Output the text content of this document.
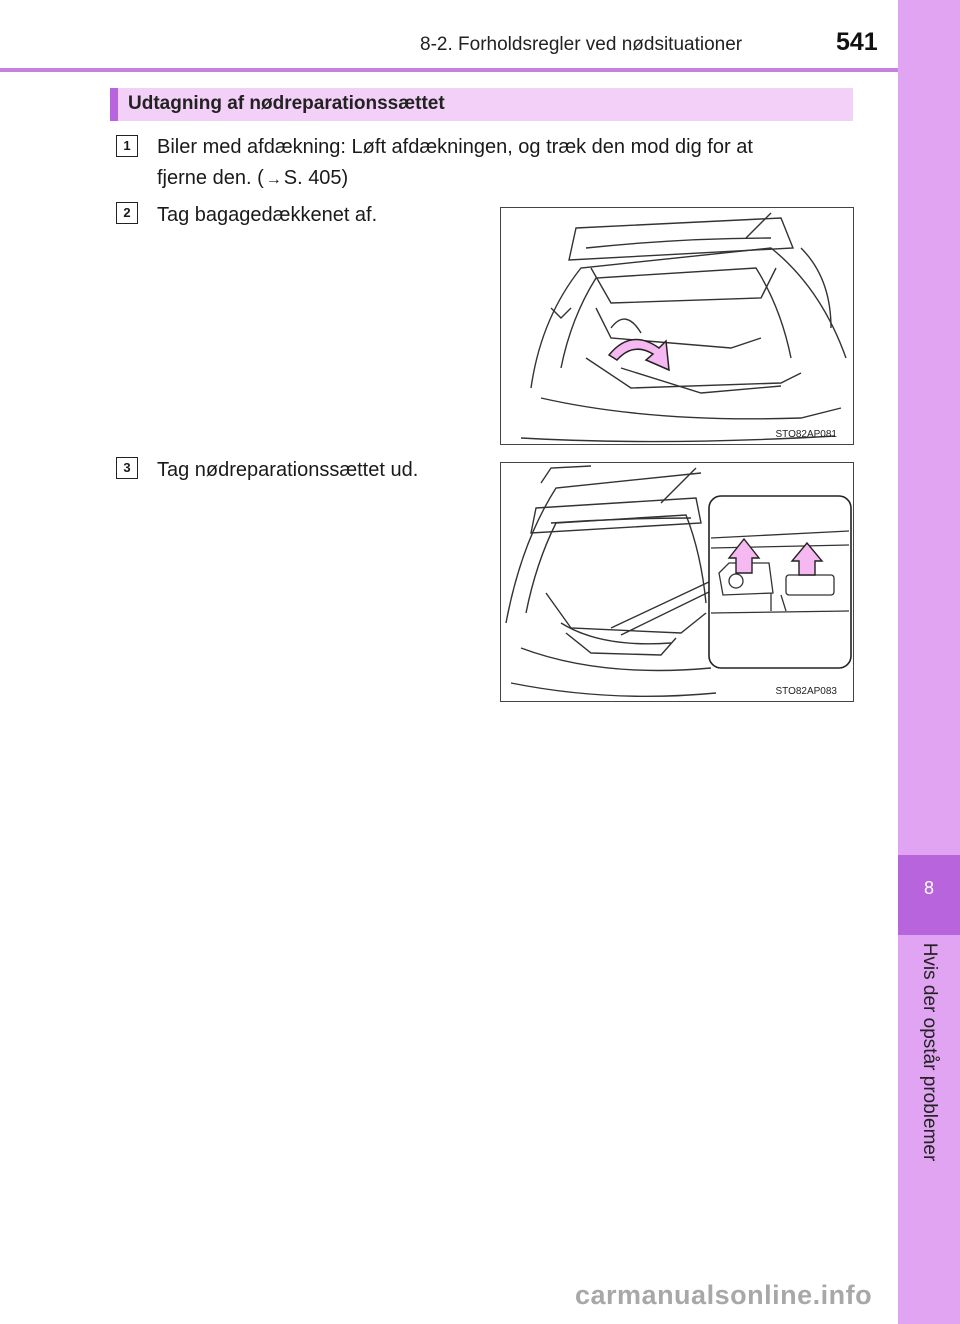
8-2. Forholdsregler ved nødsituationer	541
8
Hvis der opstår problemer
Udtagning af nødreparationssættet
1	Biler med afdækning: Løft afdækningen, og træk den mod dig for at
fjerne den. ( → S. 405)
2	Tag bagagedækkenet af.
STO82AP081
3	Tag nødreparationssættet ud.
STO82AP083
carmanualsonline.info
